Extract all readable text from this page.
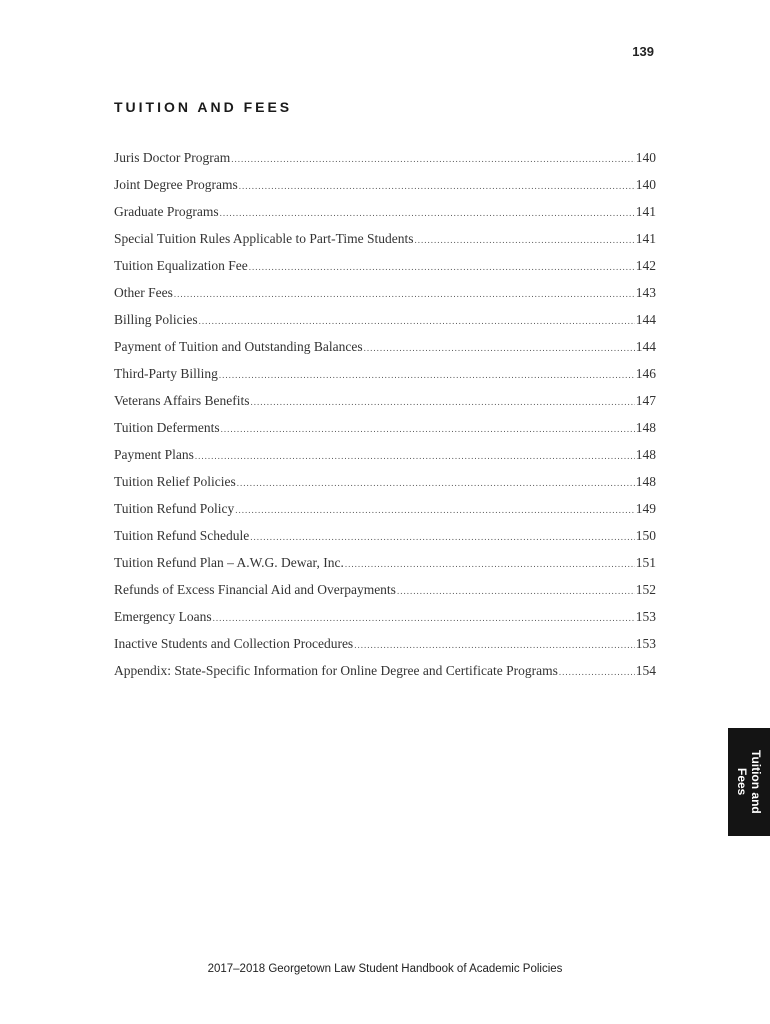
139
TUITION AND FEES
Juris Doctor Program .....	140
Joint Degree Programs .....	140
Graduate Programs .....	141
Special Tuition Rules Applicable to Part-Time Students .....	141
Tuition Equalization Fee .....	142
Other Fees .....	143
Billing Policies .....	144
Payment of Tuition and Outstanding Balances .....	144
Third-Party Billing .....	146
Veterans Affairs Benefits .....	147
Tuition Deferments .....	148
Payment Plans .....	148
Tuition Relief Policies .....	148
Tuition Refund Policy .....	149
Tuition Refund Schedule .....	150
Tuition Refund Plan – A.W.G. Dewar, Inc. .....	151
Refunds of Excess Financial Aid and Overpayments .....	152
Emergency Loans .....	153
Inactive Students and Collection Procedures .....	153
Appendix: State-Specific Information for Online Degree and Certificate Programs .....	154
Tuition and
Fees
2017–2018 Georgetown Law Student Handbook of Academic Policies
